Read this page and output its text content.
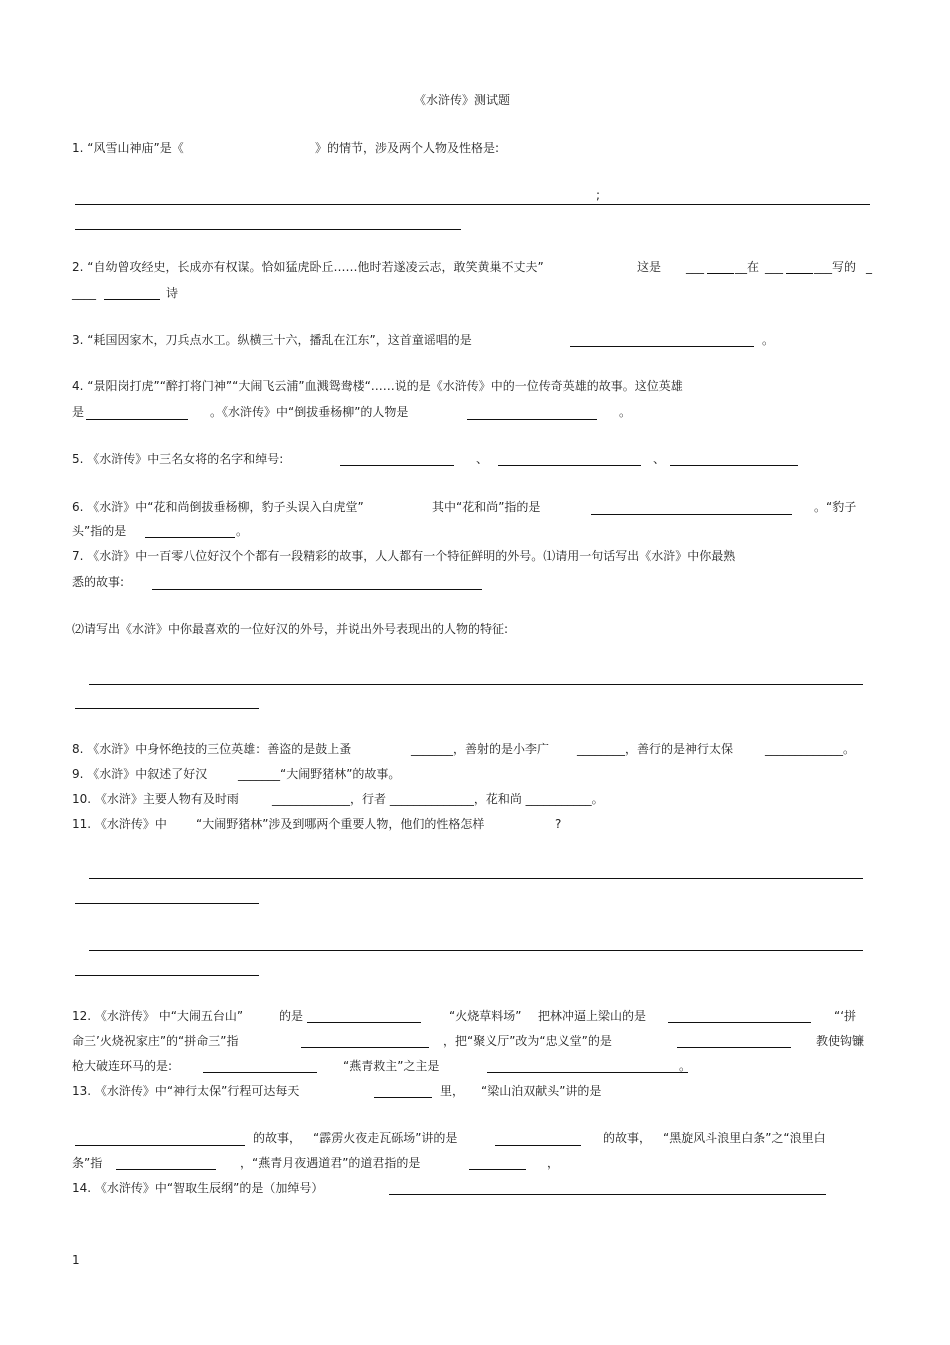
《水浒传》测试题
1. “风雪山神庙”是《	》的情节，涉及两个人物及性格是:
;
2. “自幼曾攻经史，长成亦有权谋。恰如猛虎卧丘……他时若遂凌云志，敢笑黄巢不丈夫”	这是 ___	__在 ___	___写的 _
____	诗
3. “耗国因家木，刀兵点水工。纵横三十六，播乱在江东”，这首童谣唱的是	。
4. “景阳岗打虎”“醉打将门神”“大闹飞云浦”血溅鸳鸯楼“……说的是《水浒传》中的一位传奇英雄的故事。这位英雄
是	。《水浒传》中“倒拔垂杨柳”的人物是	。
5. 《水浒传》中三名女将的名字和绰号:	、	、
6. 《水浒》中“花和尚倒拔垂杨柳，豹子头误入白虎堂”	其中“花和尚”指的是	。“豹子
头”指的是	。
7. 《水浒》中一百零八位好汉个个都有一段精彩的故事，人人都有一个特征鲜明的外号。⑴请用一句话写出《水浒》中你最熟
悉的故事:
⑵请写出《水浒》中你最喜欢的一位好汉的外号，并说出外号表现出的人物的特征:
8. 《水浒》中身怀绝技的三位英雄：善盗的是鼓上蚤	_______，善射的是小李广 ________，善行的是神行太保	_____________。
9. 《水浒》中叙述了好汉	_______“大闹野猪林”的故事。
10. 《水浒》主要人物有及时雨	_____________，行者 ______________，花和尚 ___________。
11. 《水浒传》中 “大闹野猪林”涉及到哪两个重要人物，他们的性格怎样	?
12. 《水浒传》 中“大闹五台山”	的是	“火烧草料场” 把林冲逼上梁山的是	“‘拼
命三’火烧祝家庄”的“拼命三”指	，把“聚义厅”改为“忠义堂”的是	教使钩镰
枪大破连环马的是:	“燕青救主”之主是	。
13. 《水浒传》中“神行太保”行程可达每天	里， “梁山泊双献头”讲的是
的故事， “霹雳火夜走瓦砾场”讲的是	的故事， “黑旋风斗浪里白条”之“浪里白
条”指	，“燕青月夜遇道君”的道君指的是	，
14. 《水浒传》中“智取生辰纲”的是（加绰号）
1
